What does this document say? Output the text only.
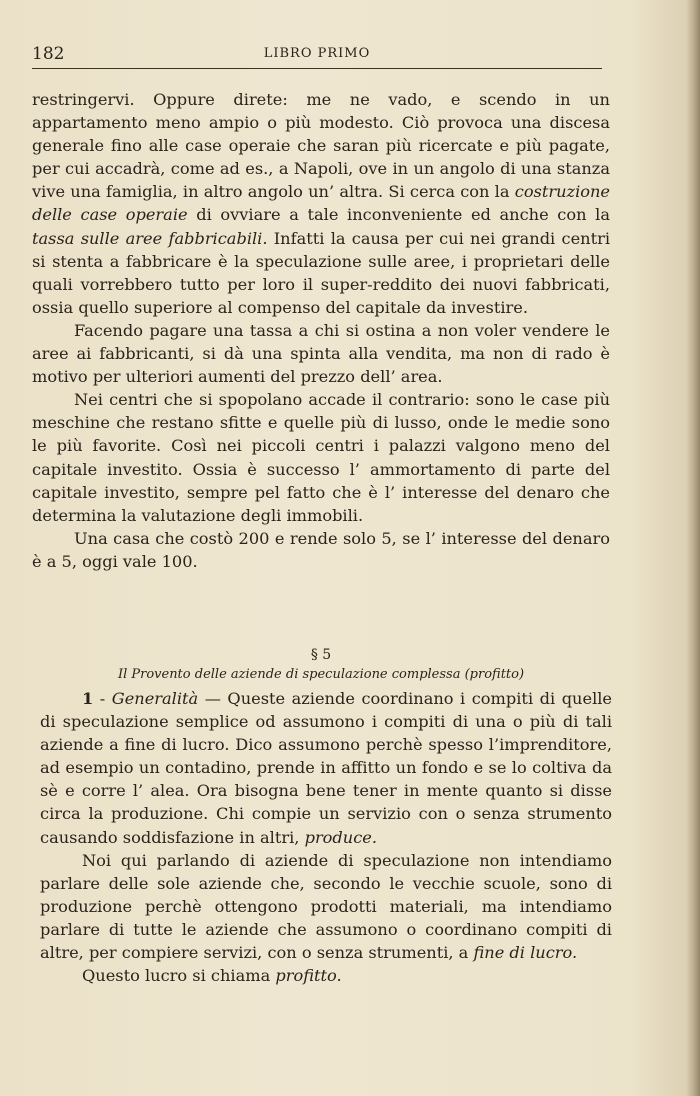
182	LIBRO PRIMO

restringervi. Oppure direte: me ne vado, e scendo in un appartamento meno ampio o più modesto. Ciò provoca una discesa generale fino alle case operaie che saran più ricercate e più pagate, per cui accadrà, come ad es., a Napoli, ove in un angolo di una stanza vive una famiglia, in altro angolo un’ altra. Si cerca con la costruzione delle case operaie di ovviare a tale inconveniente ed anche con la tassa sulle aree fabbricabili. Infatti la causa per cui nei grandi centri si stenta a fabbricare è la speculazione sulle aree, i proprietari delle quali vorrebbero tutto per loro il super-reddito dei nuovi fabbricati, ossia quello superiore al compenso del capitale da investire.

Facendo pagare una tassa a chi si ostina a non voler vendere le aree ai fabbricanti, si dà una spinta alla vendita, ma non di rado è motivo per ulteriori aumenti del prezzo dell’ area.

Nei centri che si spopolano accade il contrario: sono le case più meschine che restano sfitte e quelle più di lusso, onde le medie sono le più favorite. Così nei piccoli centri i palazzi valgono meno del capitale investito. Ossia è successo l’ ammortamento di parte del capitale investito, sempre pel fatto che è l’ interesse del denaro che determina la valutazione degli immobili.

Una casa che costò 200 e rende solo 5, se l’ interesse del denaro è a 5, oggi vale 100.

§ 5
Il Provento delle aziende di speculazione complessa (profitto)

1 - Generalità — Queste aziende coordinano i compiti di quelle di speculazione semplice od assumono i compiti di una o più di tali aziende a fine di lucro. Dico assumono perchè spesso l’imprenditore, ad esempio un contadino, prende in affitto un fondo e se lo coltiva da sè e corre l’ alea. Ora bisogna bene tener in mente quanto si disse circa la produzione. Chi compie un servizio con o senza strumento causando soddisfazione in altri, produce.

Noi qui parlando di aziende di speculazione non intendiamo parlare delle sole aziende che, secondo le vecchie scuole, sono di produzione perchè ottengono prodotti materiali, ma intendiamo parlare di tutte le aziende che assumono o coordinano compiti di altre, per compiere servizi, con o senza strumenti, a fine di lucro.

Questo lucro si chiama profitto.
